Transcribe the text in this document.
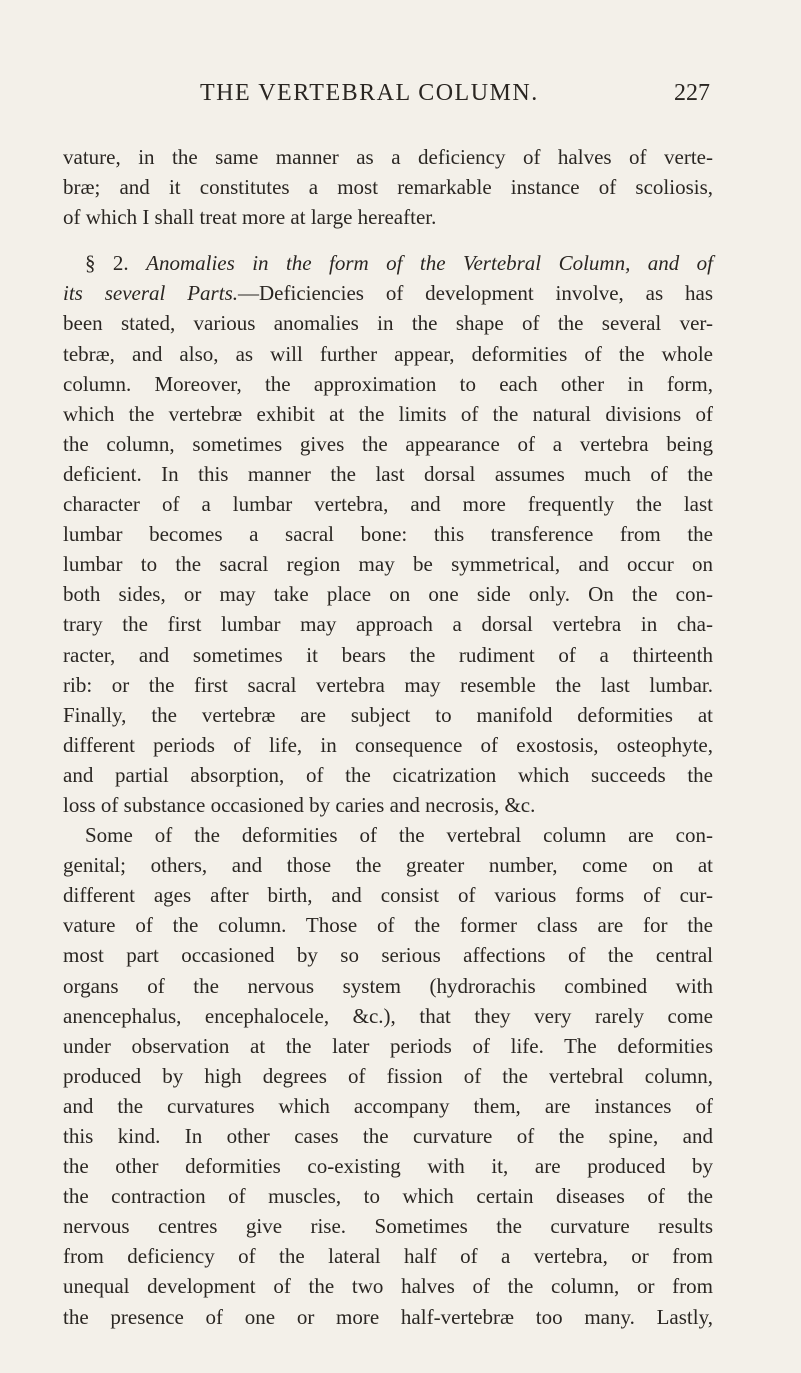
THE VERTEBRAL COLUMN.	227
vature, in the same manner as a deficiency of halves of verte-
bræ; and it constitutes a most remarkable instance of scoliosis,
of which I shall treat more at large hereafter.
§ 2. Anomalies in the form of the Vertebral Column, and of
its several Parts.—Deficiencies of development involve, as has
been stated, various anomalies in the shape of the several ver-
tebræ, and also, as will further appear, deformities of the whole
column. Moreover, the approximation to each other in form,
which the vertebræ exhibit at the limits of the natural divisions of
the column, sometimes gives the appearance of a vertebra being
deficient. In this manner the last dorsal assumes much of the
character of a lumbar vertebra, and more frequently the last
lumbar becomes a sacral bone: this transference from the
lumbar to the sacral region may be symmetrical, and occur on
both sides, or may take place on one side only. On the con-
trary the first lumbar may approach a dorsal vertebra in cha-
racter, and sometimes it bears the rudiment of a thirteenth
rib: or the first sacral vertebra may resemble the last lumbar.
Finally, the vertebræ are subject to manifold deformities at
different periods of life, in consequence of exostosis, osteophyte,
and partial absorption, of the cicatrization which succeeds the
loss of substance occasioned by caries and necrosis, &c.
Some of the deformities of the vertebral column are con-
genital; others, and those the greater number, come on at
different ages after birth, and consist of various forms of cur-
vature of the column. Those of the former class are for the
most part occasioned by so serious affections of the central
organs of the nervous system (hydrorachis combined with
anencephalus, encephalocele, &c.), that they very rarely come
under observation at the later periods of life. The deformities
produced by high degrees of fission of the vertebral column,
and the curvatures which accompany them, are instances of
this kind. In other cases the curvature of the spine, and
the other deformities co-existing with it, are produced by
the contraction of muscles, to which certain diseases of the
nervous centres give rise. Sometimes the curvature results
from deficiency of the lateral half of a vertebra, or from
unequal development of the two halves of the column, or from
the presence of one or more half-vertebræ too many. Lastly,
